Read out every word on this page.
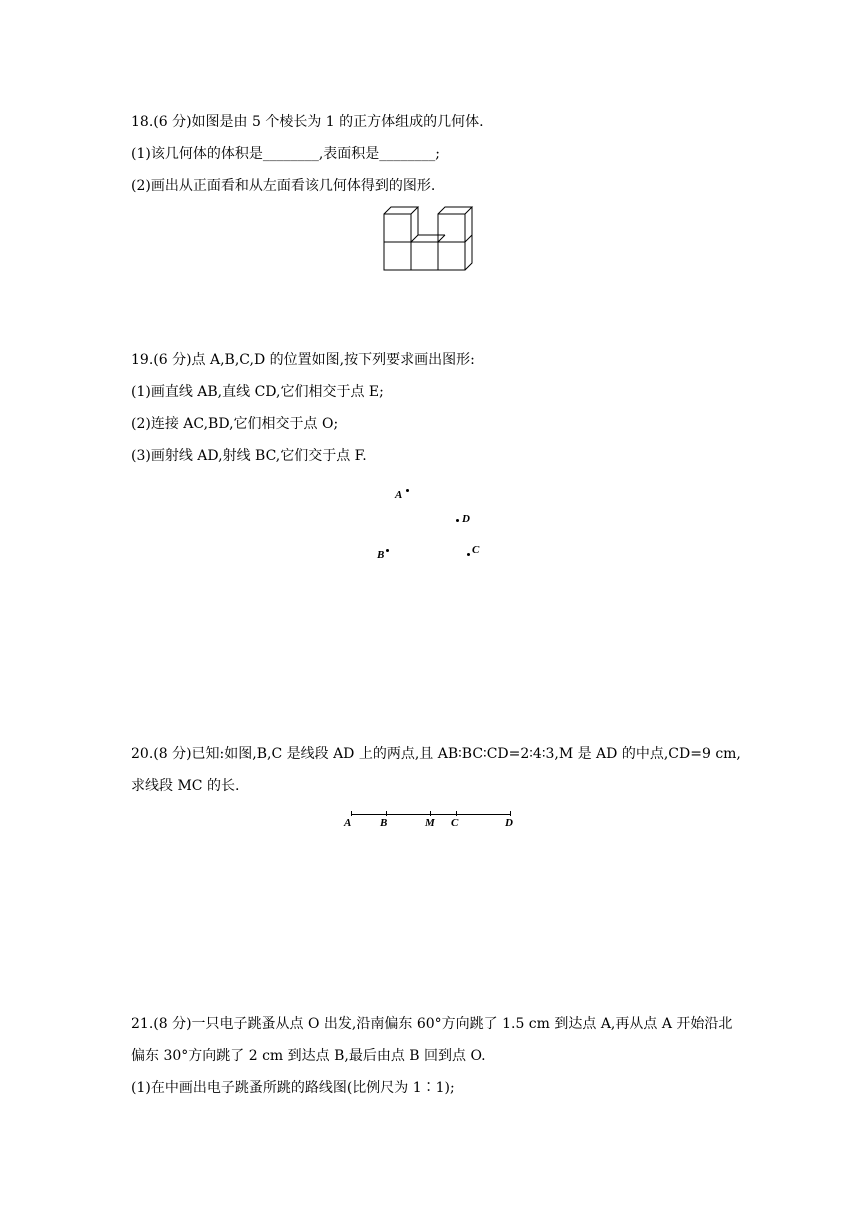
18.(6 分)如图是由 5 个棱长为 1 的正方体组成的几何体.
(1)该几何体的体积是________,表面积是________;
(2)画出从正面看和从左面看该几何体得到的图形.
19.(6 分)点 A,B,C,D 的位置如图,按下列要求画出图形:
(1)画直线 AB,直线 CD,它们相交于点 E;
(2)连接 AC,BD,它们相交于点 O;
(3)画射线 AD,射线 BC,它们交于点 F.
A
D
B	C
20.(8 分)已知:如图,B,C 是线段 AD 上的两点,且 AB∶BC∶CD=2∶4∶3,M 是 AD 的中点,CD=9 cm,求线段 MC 的长.
A	B	M C	D
21.(8 分)一只电子跳蚤从点 O 出发,沿南偏东 60°方向跳了 1.5 cm 到达点 A,再从点 A 开始沿北偏东 30°方向跳了 2 cm 到达点 B,最后由点 B 回到点 O.
(1)在中画出电子跳蚤所跳的路线图(比例尺为 1∶1);
